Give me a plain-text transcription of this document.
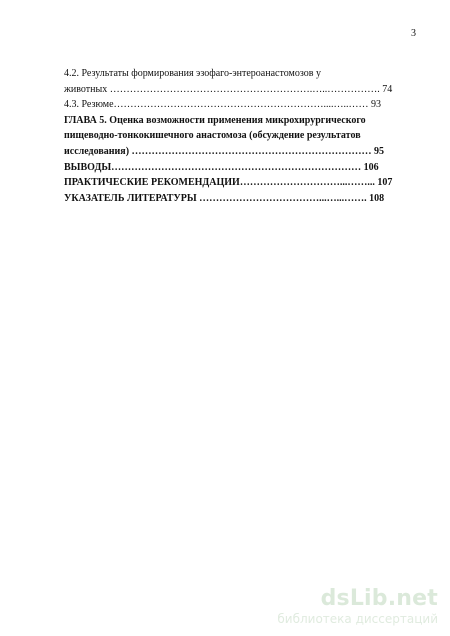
3
4.2. Результаты формирования эзофаго-энтероанастомозов у
животных …………………………………………………….…..……………. 74
4.3. Резюме………………………………………………………....…..…… 93
ГЛАВА 5. Оценка возможности применения микрохирургического
пищеводно-тонкокишечного анастомоза (обсуждение результатов
исследования) ……………………………………………………………… 95
ВЫВОДЫ………………………………………………………………… 106
ПРАКТИЧЕСКИЕ РЕКОМЕНДАЦИИ…………………………...……... 107
УКАЗАТЕЛЬ ЛИТЕРАТУРЫ ………………………………...…...……. 108
dsLib.net
библиотека диссертаций
